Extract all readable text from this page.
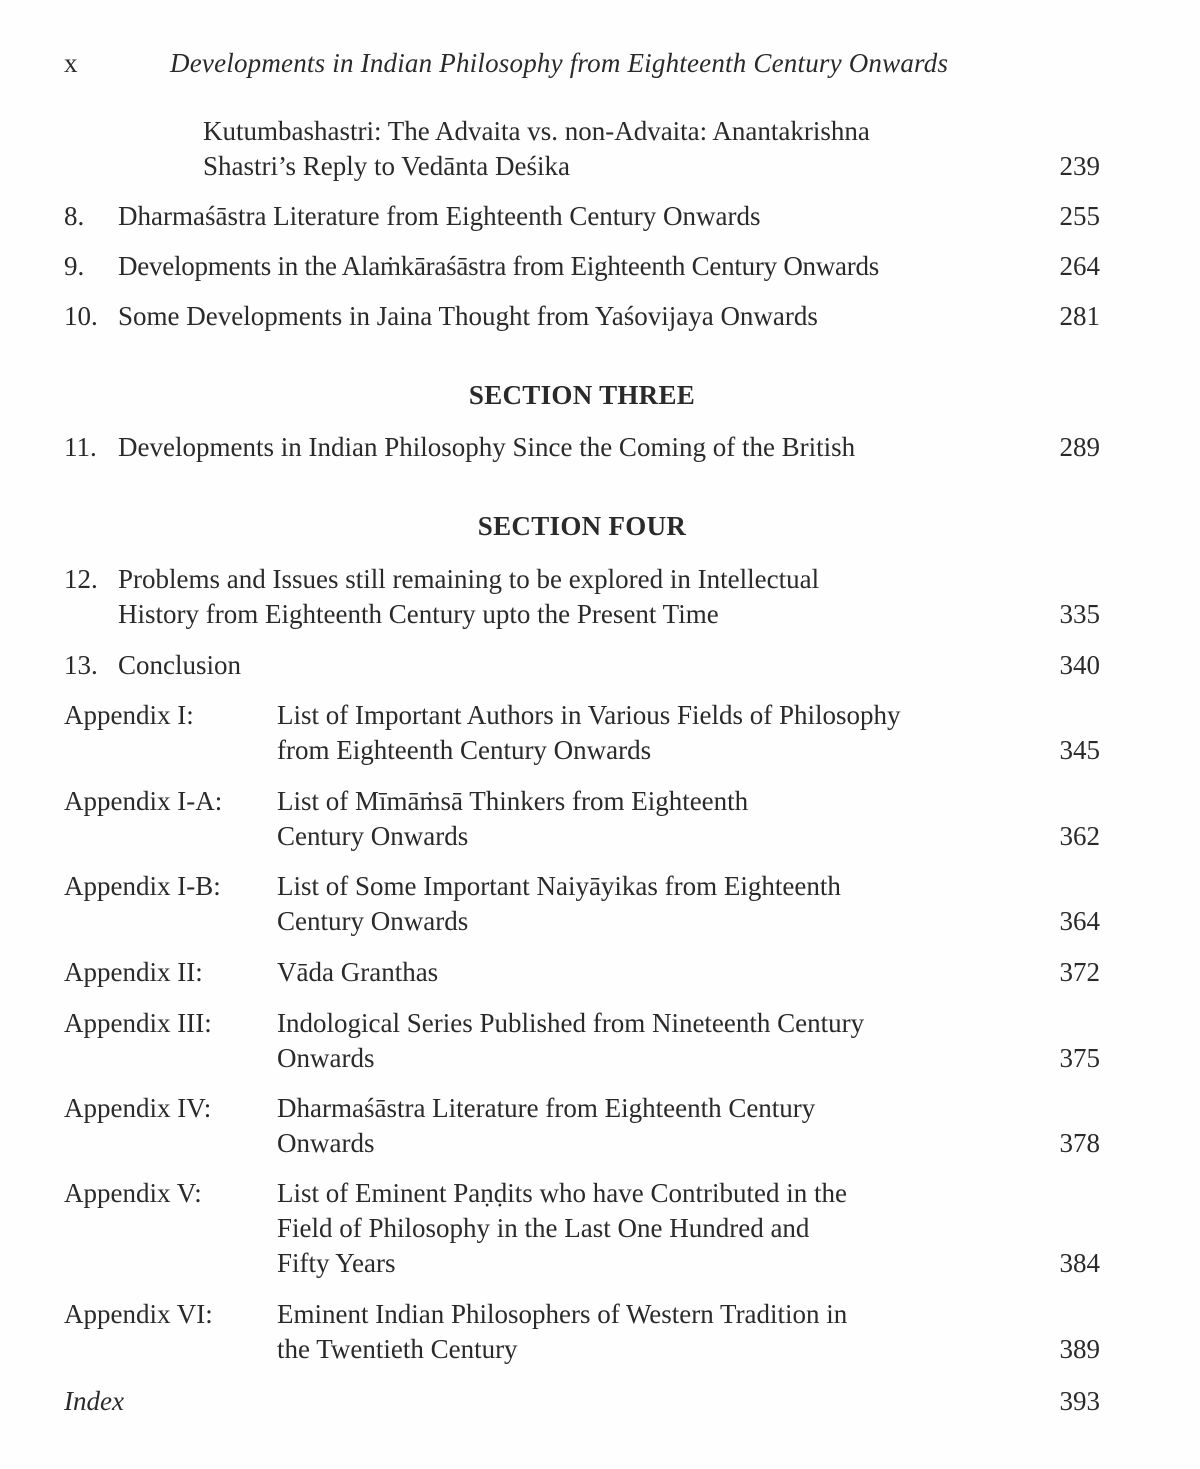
x	Developments in Indian Philosophy from Eighteenth Century Onwards
Kutumbashastri: The Advaita vs. non-Advaita: Anantakrishna
Shastri’s Reply to Vedānta Deśika	239
8. Dharmaśāstra Literature from Eighteenth Century Onwards	255
9. Developments in the Alaṁkāraśāstra from Eighteenth Century Onwards	264
10. Some Developments in Jaina Thought from Yaśovijaya Onwards	281
SECTION THREE
11. Developments in Indian Philosophy Since the Coming of the British	289
SECTION FOUR
12. Problems and Issues still remaining to be explored in Intellectual
History from Eighteenth Century upto the Present Time	335
13. Conclusion	340
Appendix I:	List of Important Authors in Various Fields of Philosophy
from Eighteenth Century Onwards	345
Appendix I-A: List of Mīmāṁsā Thinkers from Eighteenth
Century Onwards	362
Appendix I-B: List of Some Important Naiyāyikas from Eighteenth
Century Onwards	364
Appendix II:	Vāda Granthas	372
Appendix III: Indological Series Published from Nineteenth Century
Onwards	375
Appendix IV: Dharmaśāstra Literature from Eighteenth Century
Onwards	378
Appendix V:	List of Eminent Paṇḍits who have Contributed in the
Field of Philosophy in the Last One Hundred and
Fifty Years	384
Appendix VI: Eminent Indian Philosophers of Western Tradition in
the Twentieth Century	389
Index	393
